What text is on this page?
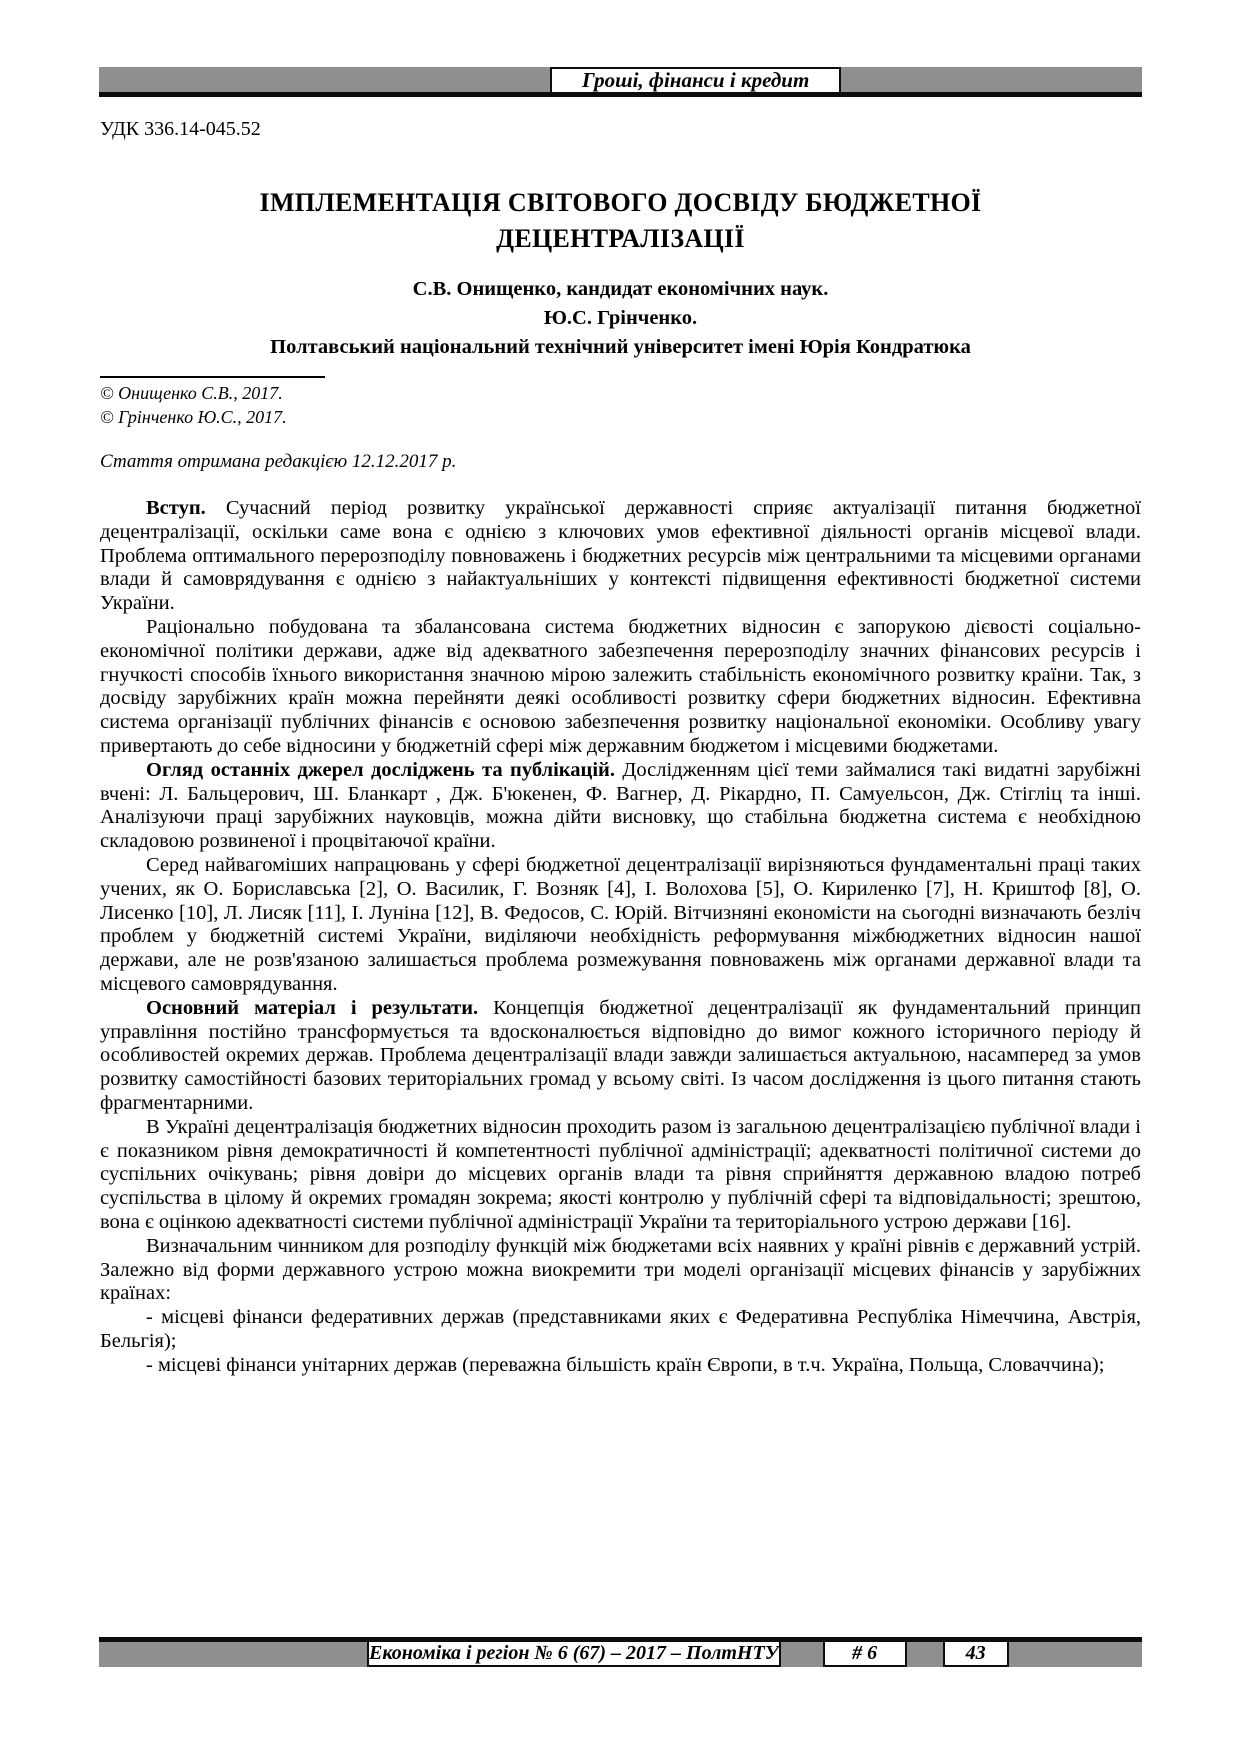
Гроші, фінанси і кредит
УДК 336.14-045.52
ІМПЛЕМЕНТАЦІЯ СВІТОВОГО ДОСВІДУ БЮДЖЕТНОЇ
ДЕЦЕНТРАЛІЗАЦІЇ
С.В. Онищенко, кандидат економічних наук.
Ю.С. Грінченко.
Полтавський національний технічний університет імені Юрія Кондратюка
© Онищенко С.В., 2017.
© Грінченко Ю.С., 2017.
Стаття отримана редакцією 12.12.2017 р.

Вступ. Сучасний період розвитку української державності сприяє актуалізації питання бюджетної децентралізації, оскільки саме вона є однією з ключових умов ефективної діяльності органів місцевої влади. Проблема оптимального перерозподілу повноважень і бюджетних ресурсів між центральними та місцевими органами влади й самоврядування є однією з найактуальніших у контексті підвищення ефективності бюджетної системи України.

Раціонально побудована та збалансована система бюджетних відносин є запорукою дієвості соціально-економічної політики держави, адже від адекватного забезпечення перерозподілу значних фінансових ресурсів і гнучкості способів їхнього використання значною мірою залежить стабільність економічного розвитку країни. Так, з досвіду зарубіжних країн можна перейняти деякі особливості розвитку сфери бюджетних відносин. Ефективна система організації публічних фінансів є основою забезпечення розвитку національної економіки. Особливу увагу привертають до себе відносини у бюджетній сфері між державним бюджетом і місцевими бюджетами.

Огляд останніх джерел досліджень та публікацій. Дослідженням цієї теми займалися такі видатні зарубіжні вчені: Л. Бальцерович, Ш. Бланкарт , Дж. Б'юкенен, Ф. Вагнер, Д. Рікардно, П. Самуельсон, Дж. Стігліц та інші. Аналізуючи праці зарубіжних науковців, можна дійти висновку, що стабільна бюджетна система є необхідною складовою розвиненої і процвітаючої країни.

Серед найвагоміших напрацювань у сфері бюджетної децентралізації вирізняються фундаментальні праці таких учених, як О. Бориславська [2], О. Василик, Г. Возняк [4], І. Волохова [5], О. Кириленко [7], Н. Криштоф [8], О. Лисенко [10], Л. Лисяк [11], І. Луніна [12], В. Федосов, С. Юрій. Вітчизняні економісти на сьогодні визначають безліч проблем у бюджетній системі України, виділяючи необхідність реформування міжбюджетних відносин нашої держави, але не розв'язаною залишається проблема розмежування повноважень між органами державної влади та місцевого самоврядування.

Основний матеріал і результати. Концепція бюджетної децентралізації як фундаментальний принцип управління постійно трансформується та вдосконалюється відповідно до вимог кожного історичного періоду й особливостей окремих держав. Проблема децентралізації влади завжди залишається актуальною, насамперед за умов розвитку самостійності базових територіальних громад у всьому світі. Із часом дослідження із цього питання стають фрагментарними.

В Україні децентралізація бюджетних відносин проходить разом із загальною децентралізацією публічної влади і є показником рівня демократичності й компетентності публічної адміністрації; адекватності політичної системи до суспільних очікувань; рівня довіри до місцевих органів влади та рівня сприйняття державною владою потреб суспільства в цілому й окремих громадян зокрема; якості контролю у публічній сфері та відповідальності; зрештою, вона є оцінкою адекватності системи публічної адміністрації України та територіального устрою держави [16].

Визначальним чинником для розподілу функцій між бюджетами всіх наявних у країні рівнів є державний устрій. Залежно від форми державного устрою можна виокремити три моделі організації місцевих фінансів у зарубіжних країнах:

- місцеві фінанси федеративних держав (представниками яких є Федеративна Республіка Німеччина, Австрія, Бельгія);

- місцеві фінанси унітарних держав (переважна більшість країн Європи, в т.ч. Україна, Польща, Словаччина);

Економіка і регіон № 6 (67) – 2017 – ПолтНТУ	# 6	43
